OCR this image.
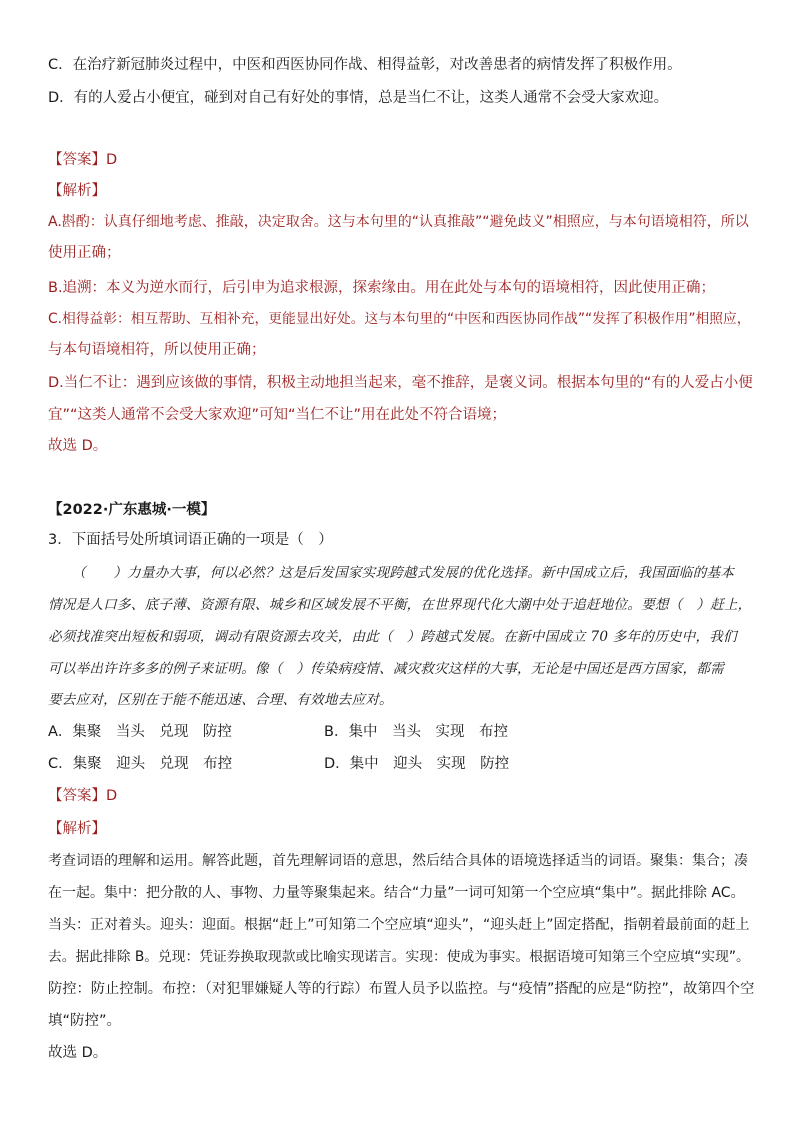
C．在治疗新冠肺炎过程中，中医和西医协同作战、相得益彰，对改善患者的病情发挥了积极作用。
D．有的人爱占小便宜，碰到对自己有好处的事情，总是当仁不让，这类人通常不会受大家欢迎。
【答案】D
【解析】
A.斟酌：认真仔细地考虑、推敲，决定取舍。这与本句里的“认真推敲”“避免歧义”相照应，与本句语境相符，所以
使用正确；
B.追溯：本义为逆水而行，后引申为追求根源，探索缘由。用在此处与本句的语境相符，因此使用正确；
C.相得益彰：相互帮助、互相补充，更能显出好处。这与本句里的“中医和西医协同作战”“发挥了积极作用”相照应，
与本句语境相符，所以使用正确；
D.当仁不让：遇到应该做的事情，积极主动地担当起来，毫不推辞，是褒义词。根据本句里的“有的人爱占小便
宜”“这类人通常不会受大家欢迎”可知“当仁不让”用在此处不符合语境；
故选 D。
【2022·广东惠城·一模】
3．下面括号处所填词语正确的一项是（　）
（　　）力量办大事，何以必然？这是后发国家实现跨越式发展的优化选择。新中国成立后，我国面临的基本
情况是人口多、底子薄、资源有限、城乡和区域发展不平衡，在世界现代化大潮中处于追赶地位。要想（　）赶上，
必须找准突出短板和弱项，调动有限资源去攻关，由此（　）跨越式发展。在新中国成立 70 多年的历史中，我们
可以举出许许多多的例子来证明。像（　）传染病疫情、减灾救灾这样的大事，无论是中国还是西方国家，都需
要去应对，区别在于能不能迅速、合理、有效地去应对。
A．集聚　当头　兑现　防控	B．集中　当头　实现　布控
C．集聚　迎头　兑现　布控	D．集中　迎头　实现　防控
【答案】D
【解析】
考查词语的理解和运用。解答此题，首先理解词语的意思，然后结合具体的语境选择适当的词语。聚集：集合；凑
在一起。集中：把分散的人、事物、力量等聚集起来。结合“力量”一词可知第一个空应填“集中”。据此排除 AC。
当头：正对着头。迎头：迎面。根据“赶上”可知第二个空应填“迎头”，“迎头赶上”固定搭配，指朝着最前面的赶上
去。据此排除 B。兑现：凭证券换取现款或比喻实现诺言。实现：使成为事实。根据语境可知第三个空应填“实现”。
防控：防止控制。布控：（对犯罪嫌疑人等的行踪）布置人员予以监控。与“疫情”搭配的应是“防控”，故第四个空
填“防控”。
故选 D。
